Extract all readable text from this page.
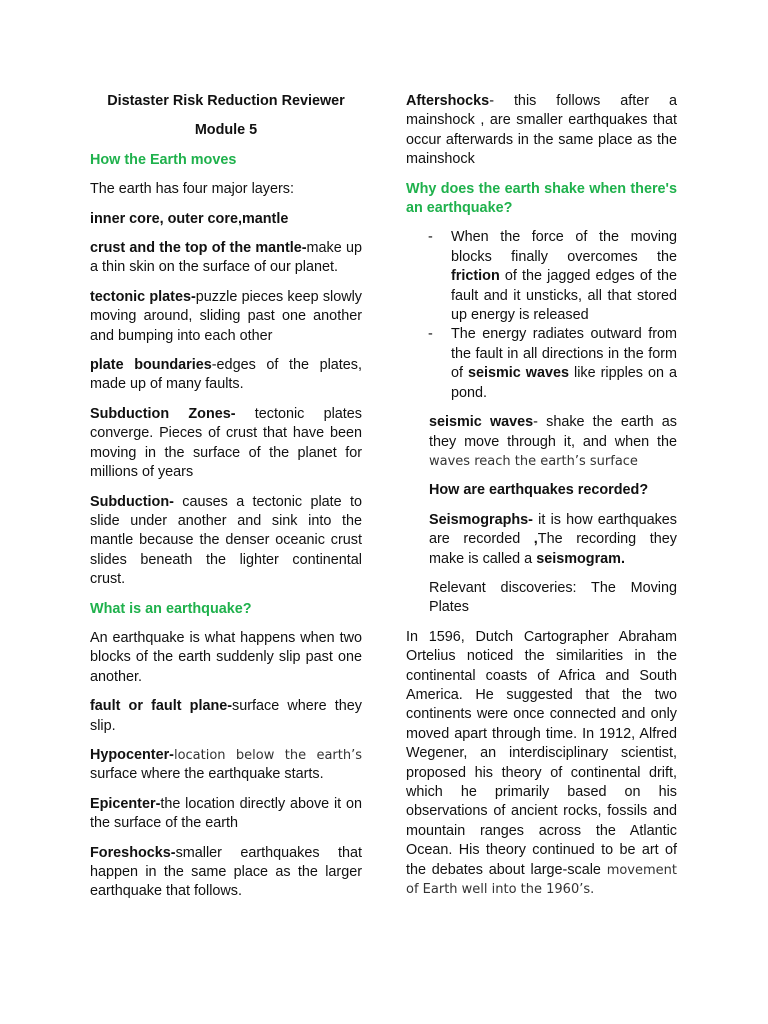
Distaster Risk Reduction Reviewer

Module 5

How the Earth moves

The earth has four major layers:

inner core, outer core,mantle

crust and the top of the mantle-make up a thin skin on the surface of our planet.

tectonic plates-puzzle pieces keep slowly moving around, sliding past one another and bumping into each other

plate boundaries-edges of the plates, made up of many faults.

Subduction Zones- tectonic plates converge. Pieces of crust that have been moving in the surface of the planet for millions of years

Subduction- causes a tectonic plate to slide under another and sink into the mantle because the denser oceanic crust slides beneath the lighter continental crust.

What is an earthquake?

An earthquake is what happens when two blocks of the earth suddenly slip past one another.

fault or fault plane-surface where they slip.

Hypocenter-location below the earth’s surface where the earthquake starts.

Epicenter-the location directly above it on the surface of the earth

Foreshocks-smaller earthquakes that happen in the same place as the larger earthquake that follows.

Aftershocks- this follows after a mainshock , are smaller earthquakes that occur afterwards in the same place as the mainshock

Why does the earth shake when there's an earthquake?

- When the force of the moving blocks finally overcomes the friction of the jagged edges of the fault and it unsticks, all that stored up energy is released
- The energy radiates outward from the fault in all directions in the form of seismic waves like ripples on a pond.

seismic waves- shake the earth as they move through it, and when the waves reach the earth’s surface

How are earthquakes recorded?

Seismographs- it is how earthquakes are recorded ,The recording they make is called a seismogram.

Relevant discoveries: The Moving Plates

In 1596, Dutch Cartographer Abraham Ortelius noticed the similarities in the continental coasts of Africa and South America. He suggested that the two continents were once connected and only moved apart through time. In 1912, Alfred Wegener, an interdisciplinary scientist, proposed his theory of continental drift, which he primarily based on his observations of ancient rocks, fossils and mountain ranges across the Atlantic Ocean. His theory continued to be art of the debates about large-scale movement of Earth well into the 1960’s.
